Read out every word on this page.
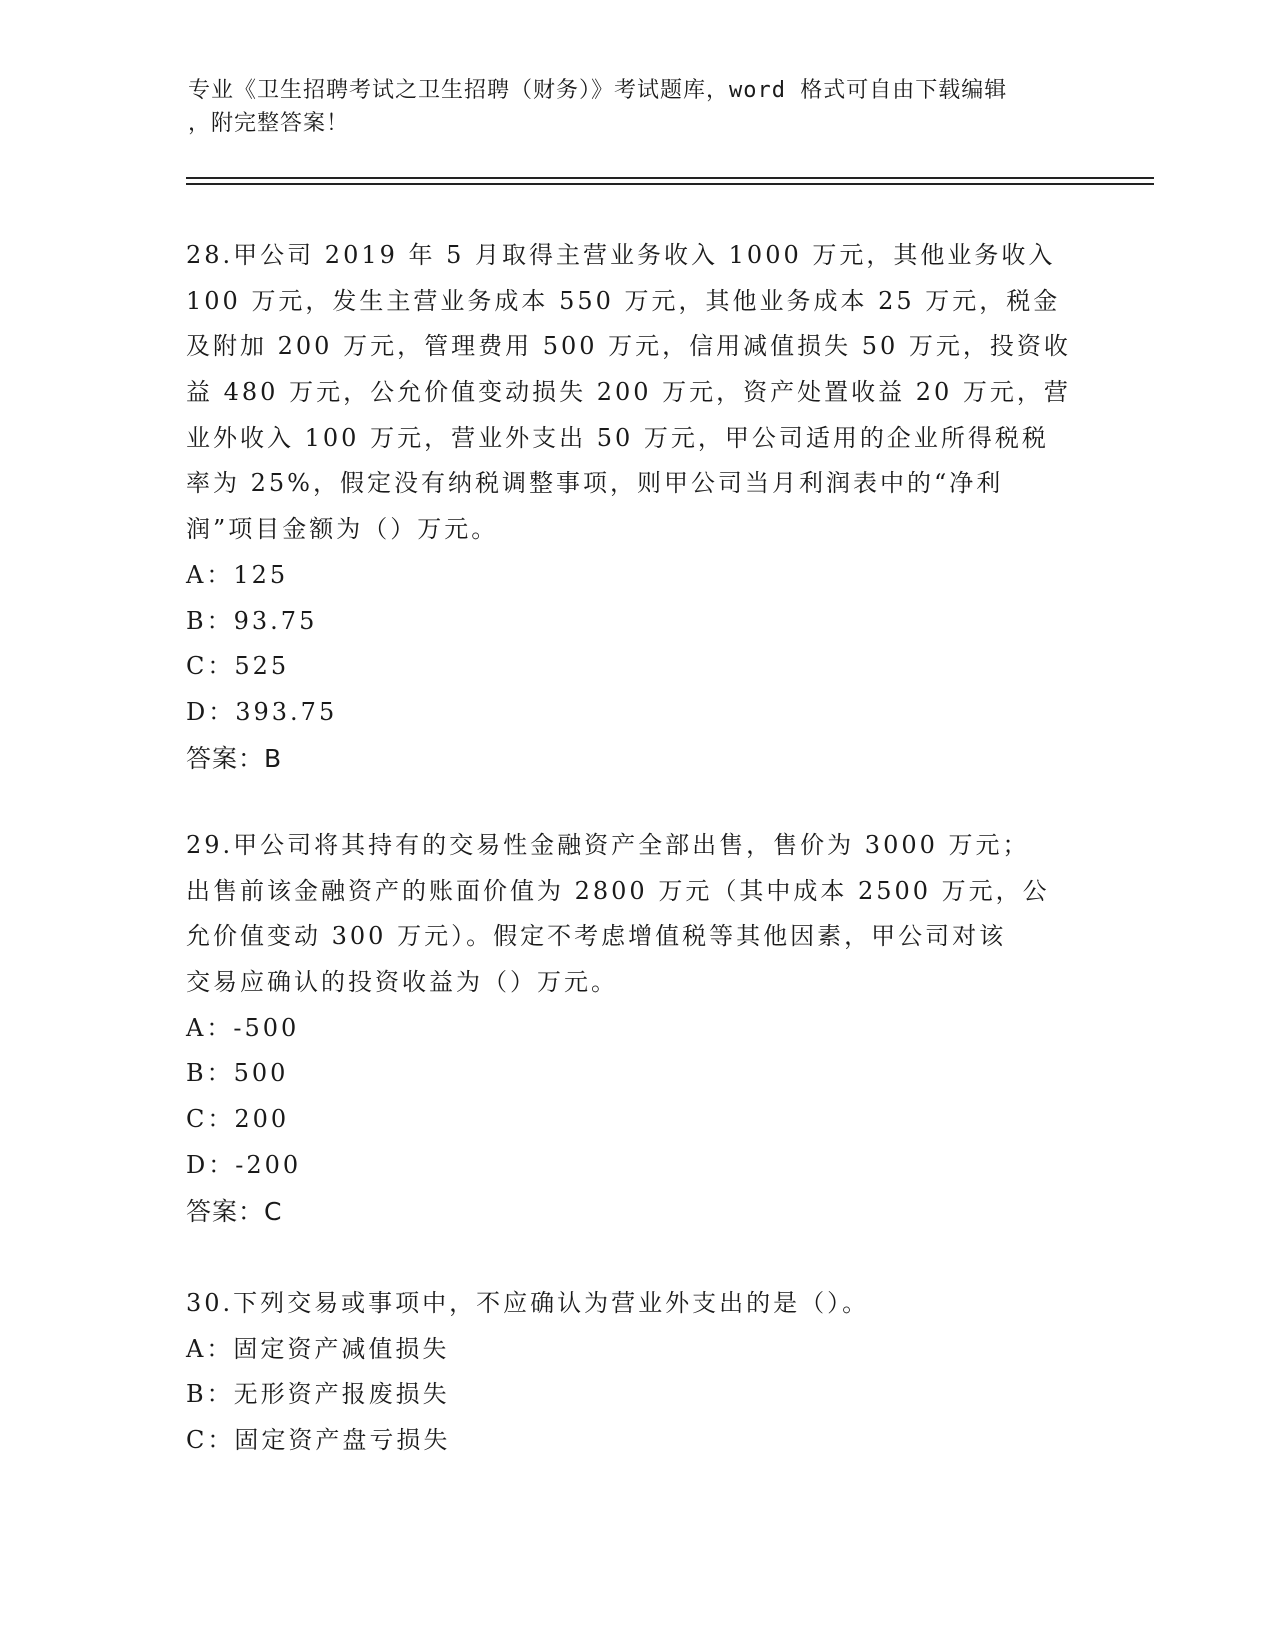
专业《卫生招聘考试之卫生招聘（财务）》考试题库，word 格式可自由下载编辑
，附完整答案！
28.甲公司 2019 年 5 月取得主营业务收入 1000 万元，其他业务收入
100 万元，发生主营业务成本 550 万元，其他业务成本 25 万元，税金
及附加 200 万元，管理费用 500 万元，信用减值损失 50 万元，投资收
益 480 万元，公允价值变动损失 200 万元，资产处置收益 20 万元，营
业外收入 100 万元，营业外支出 50 万元，甲公司适用的企业所得税税
率为 25%，假定没有纳税调整事项，则甲公司当月利润表中的“净利
润”项目金额为（）万元。
A：125
B：93.75
C：525
D：393.75
答案：B
29.甲公司将其持有的交易性金融资产全部出售，售价为 3000 万元；
出售前该金融资产的账面价值为 2800 万元（其中成本 2500 万元，公
允价值变动 300 万元）。假定不考虑增值税等其他因素，甲公司对该
交易应确认的投资收益为（）万元。
A：-500
B：500
C：200
D：-200
答案：C
30.下列交易或事项中，不应确认为营业外支出的是（）。
A：固定资产减值损失
B：无形资产报废损失
C：固定资产盘亏损失
